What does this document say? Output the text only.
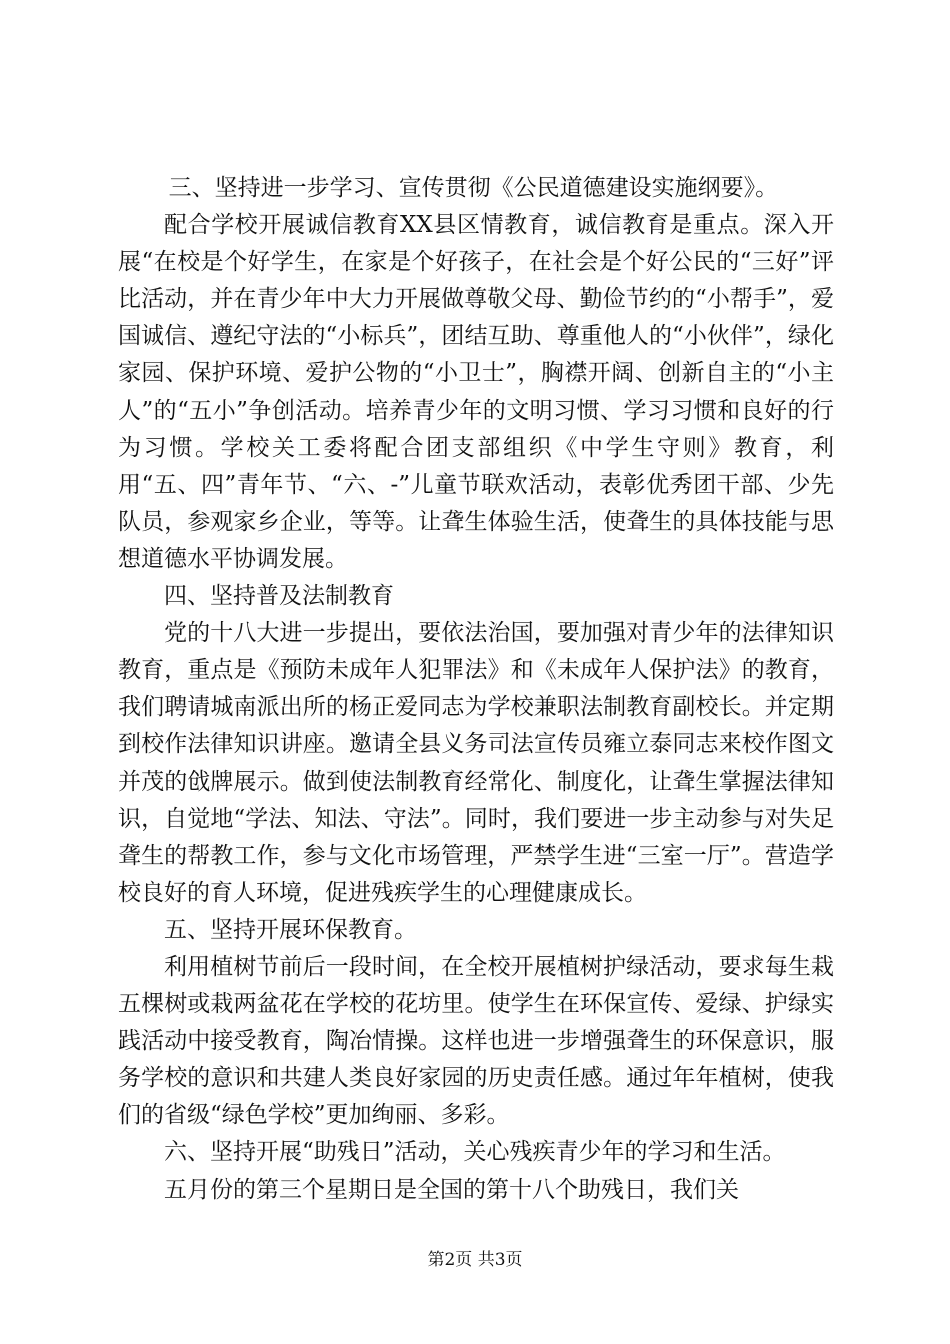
三、坚持进一步学习、宣传贯彻《公民道德建设实施纲要》。

配合学校开展诚信教育XX县区情教育，诚信教育是重点。深入开展“在校是个好学生，在家是个好孩子，在社会是个好公民的“三好”评比活动，并在青少年中大力开展做尊敬父母、勤俭节约的“小帮手”，爱国诚信、遵纪守法的“小标兵”，团结互助、尊重他人的“小伙伴”，绿化家园、保护环境、爱护公物的“小卫士”，胸襟开阔、创新自主的“小主人”的“五小”争创活动。培养青少年的文明习惯、学习习惯和良好的行为习惯。学校关工委将配合团支部组织《中学生守则》教育，利用“五、四”青年节、“六、-”儿童节联欢活动，表彰优秀团干部、少先队员，参观家乡企业，等等。让聋生体验生活，使聋生的具体技能与思想道德水平协调发展。

四、坚持普及法制教育

党的十八大进一步提出，要依法治国，要加强对青少年的法律知识教育，重点是《预防未成年人犯罪法》和《未成年人保护法》的教育，我们聘请城南派出所的杨正爱同志为学校兼职法制教育副校长。并定期到校作法律知识讲座。邀请全县义务司法宣传员雍立泰同志来校作图文并茂的戗牌展示。做到使法制教育经常化、制度化，让聋生掌握法律知识，自觉地“学法、知法、守法”。同时，我们要进一步主动参与对失足聋生的帮教工作，参与文化市场管理，严禁学生进“三室一厅”。营造学校良好的育人环境，促进残疾学生的心理健康成长。

五、坚持开展环保教育。

利用植树节前后一段时间，在全校开展植树护绿活动，要求每生栽五棵树或栽两盆花在学校的花坊里。使学生在环保宣传、爱绿、护绿实践活动中接受教育，陶冶情操。这样也进一步增强聋生的环保意识，服务学校的意识和共建人类良好家园的历史责任感。通过年年植树，使我们的省级“绿色学校”更加绚丽、多彩。

六、坚持开展“助残日”活动，关心残疾青少年的学习和生活。

五月份的第三个星期日是全国的第十八个助残日，我们关

第2页 共3页
